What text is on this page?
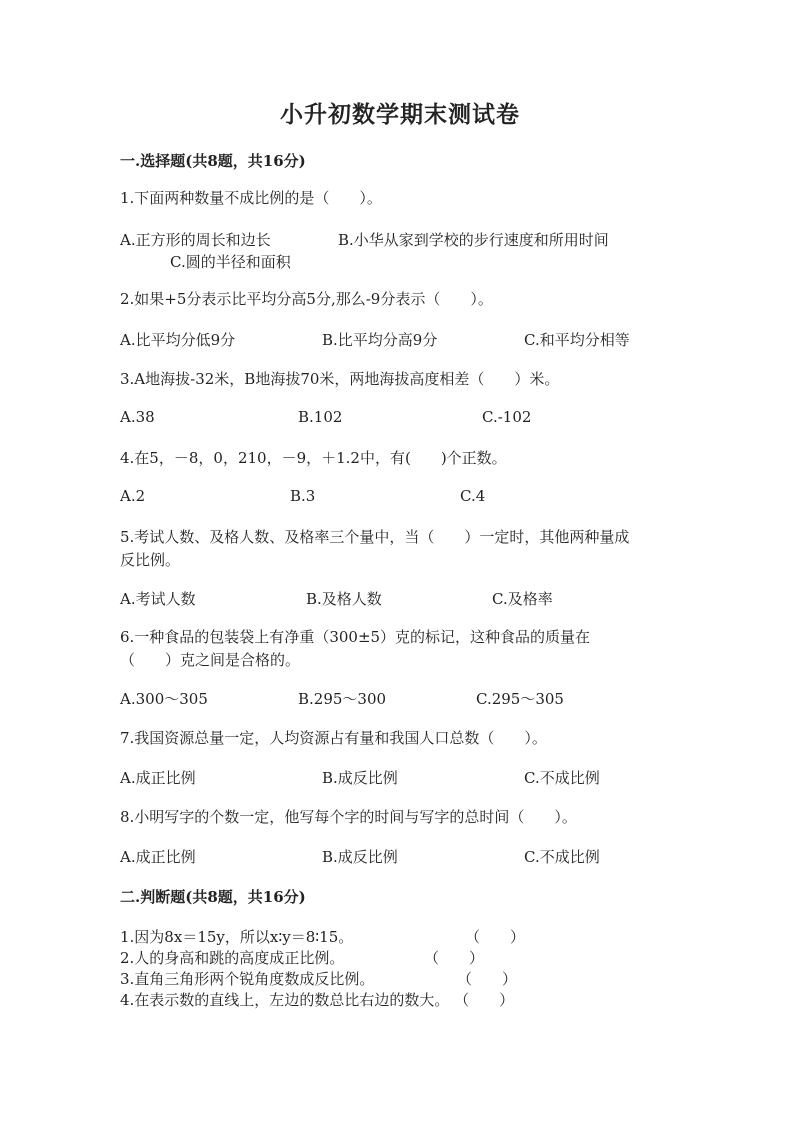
小升初数学期末测试卷
一.选择题(共8题，共16分)
1.下面两种数量不成比例的是（　　）。
A.正方形的周长和边长	B.小华从家到学校的步行速度和所用时间
C.圆的半径和面积
2.如果+5分表示比平均分高5分,那么-9分表示（　　）。
A.比平均分低9分	B.比平均分高9分	C.和平均分相等
3.A地海拔-32米，B地海拔70米，两地海拔高度相差（　　）米。
A.38	B.102	C.-102
4.在5，－8，0，210，－9，＋1.2中，有(　　)个正数。
A.2	B.3	C.4
5.考试人数、及格人数、及格率三个量中，当（　　）一定时，其他两种量成
反比例。
A.考试人数	B.及格人数	C.及格率
6.一种食品的包装袋上有净重（300±5）克的标记，这种食品的质量在
（　　）克之间是合格的。
A.300～305	B.295～300	C.295～305
7.我国资源总量一定，人均资源占有量和我国人口总数（　　）。
A.成正比例	B.成反比例	C.不成比例
8.小明写字的个数一定，他写每个字的时间与写字的总时间（　　）。
A.成正比例	B.成反比例	C.不成比例
二.判断题(共8题，共16分)
1.因为8x＝15y，所以x∶y＝8∶15。	（　　）
2.人的身高和跳的高度成正比例。	（　　）
3.直角三角形两个锐角度数成反比例。	（　　）
4.在表示数的直线上，左边的数总比右边的数大。 （　　）
